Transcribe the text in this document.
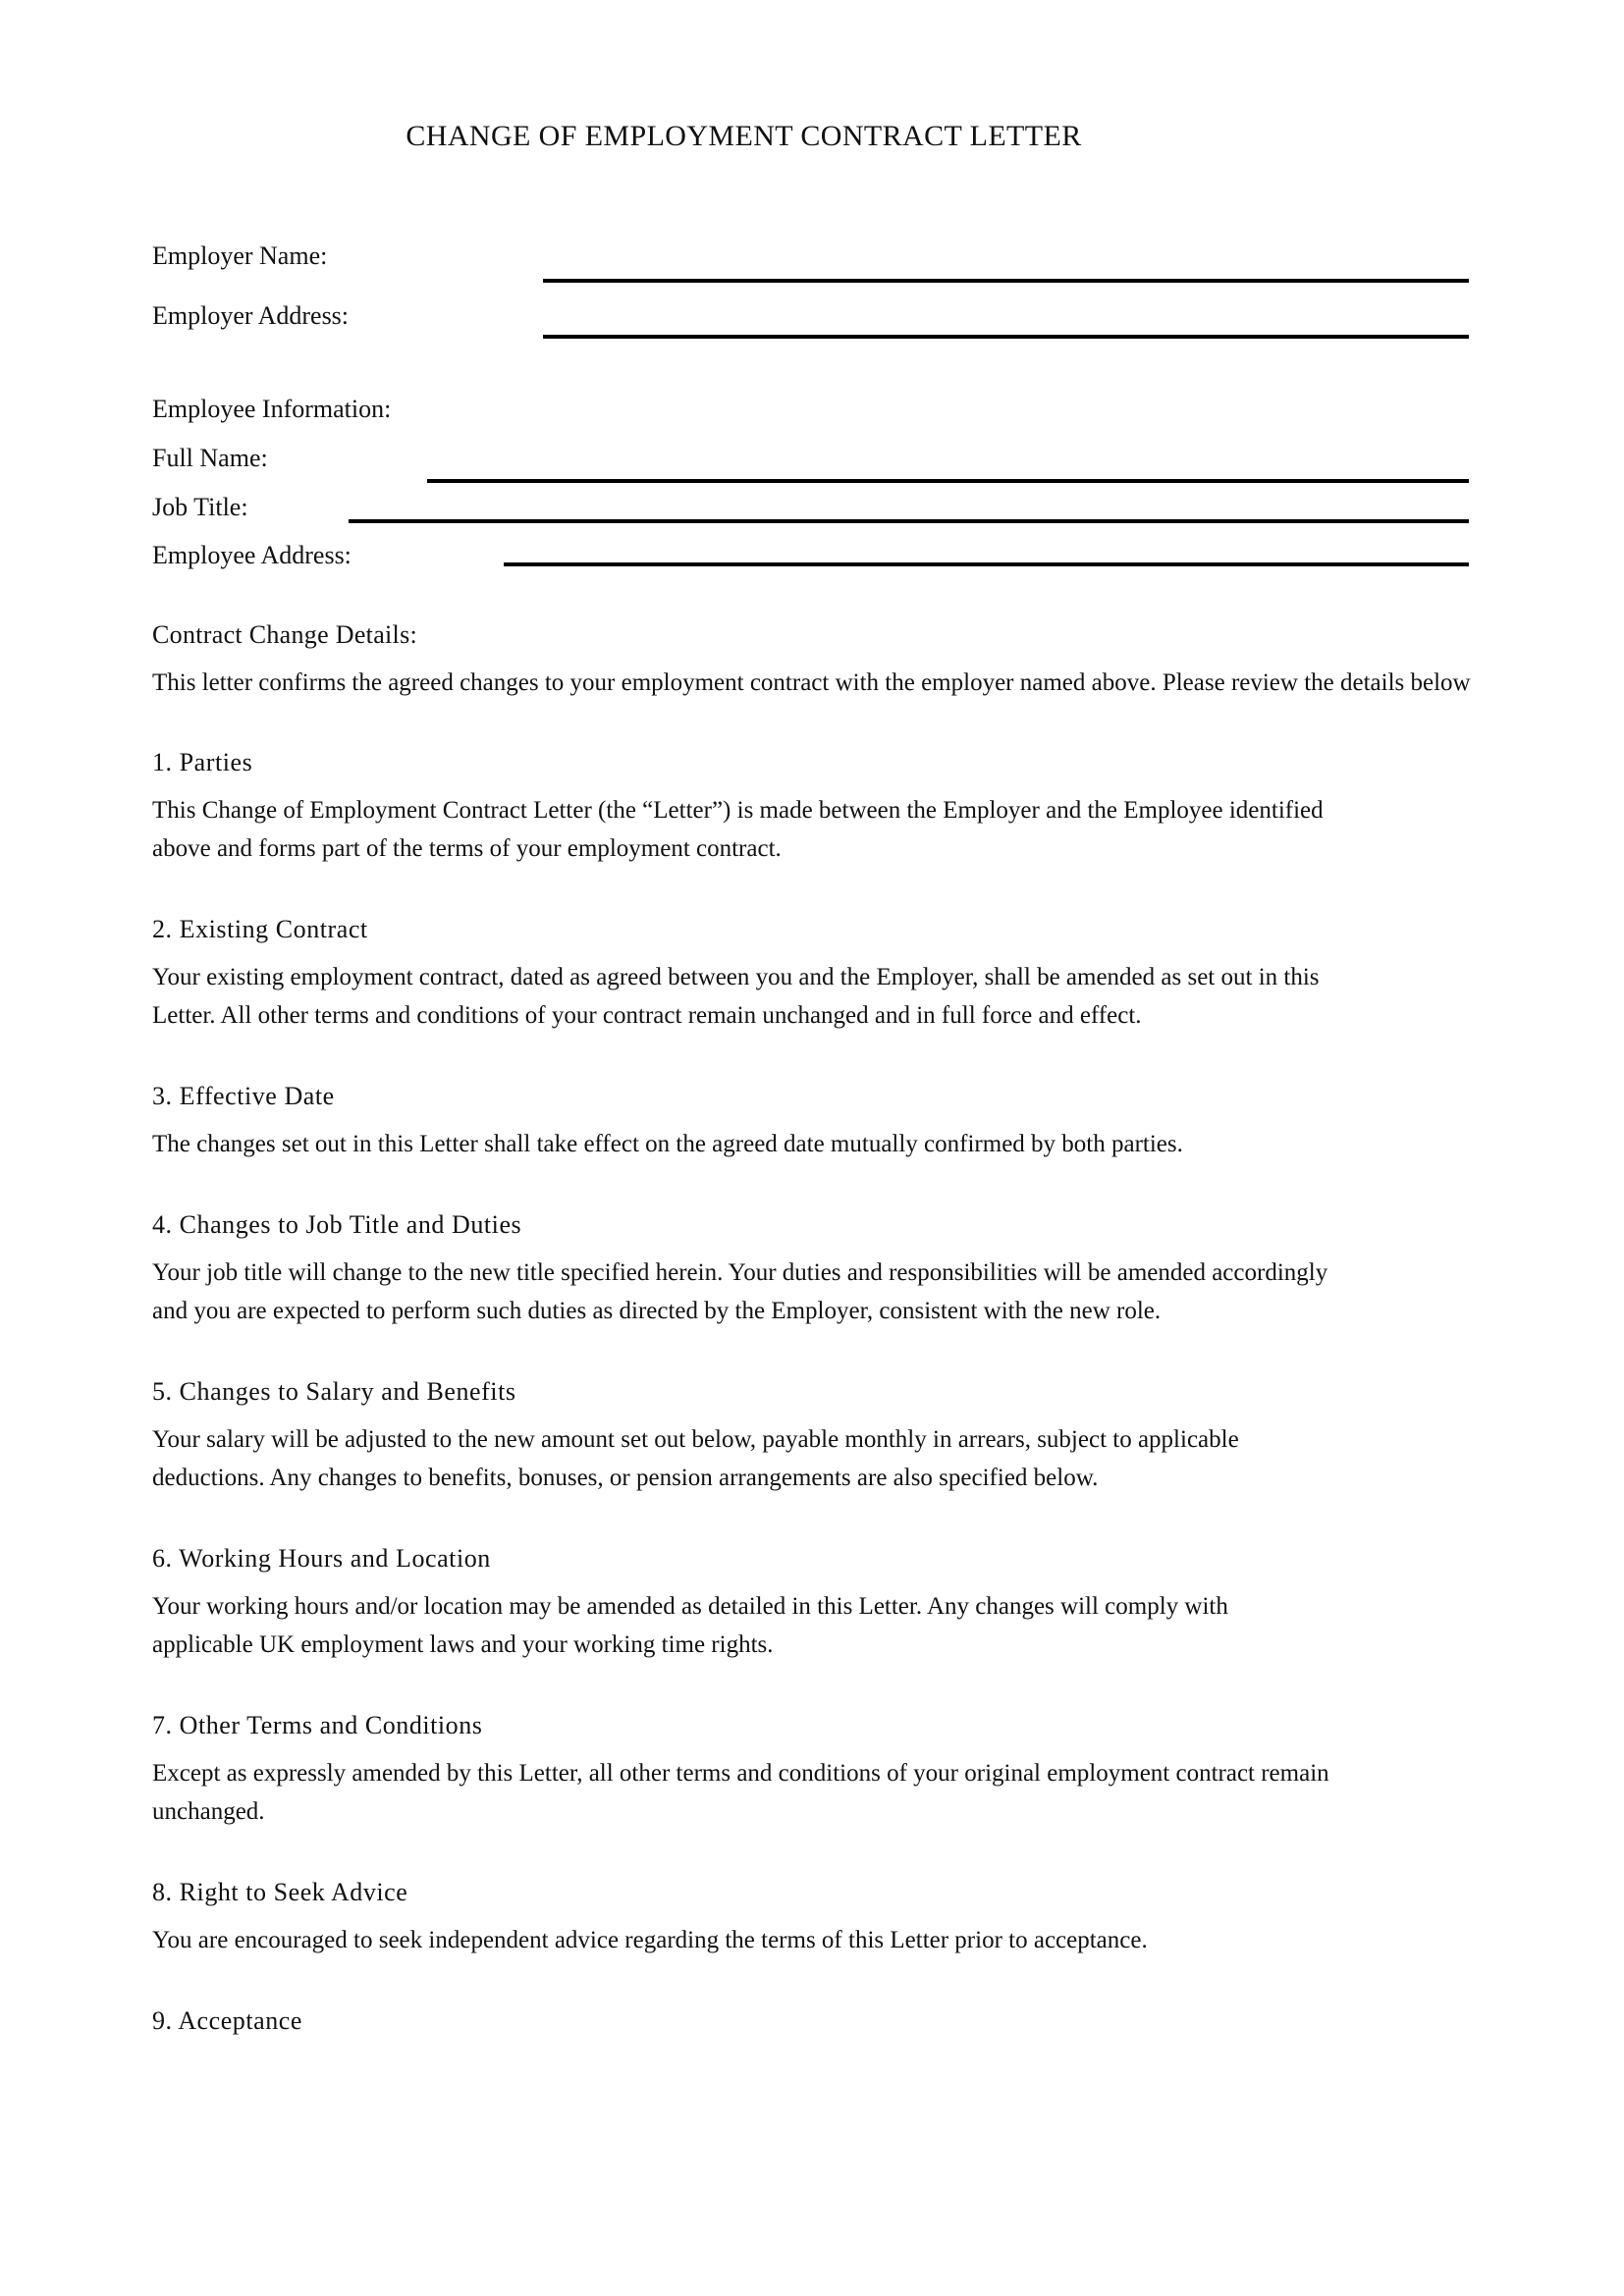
CHANGE OF EMPLOYMENT CONTRACT LETTER
Employer Name:
Employer Address:
Employee Information:
Full Name:
Job Title:
Employee Address:
Contract Change Details:
This letter confirms the agreed changes to your employment contract with the employer named above. Please review the details below
1. Parties
This Change of Employment Contract Letter (the “Letter”) is made between the Employer and the Employee identified
above and forms part of the terms of your employment contract.
2. Existing Contract
Your existing employment contract, dated as agreed between you and the Employer, shall be amended as set out in this
Letter. All other terms and conditions of your contract remain unchanged and in full force and effect.
3. Effective Date
The changes set out in this Letter shall take effect on the agreed date mutually confirmed by both parties.
4. Changes to Job Title and Duties
Your job title will change to the new title specified herein. Your duties and responsibilities will be amended accordingly
and you are expected to perform such duties as directed by the Employer, consistent with the new role.
5. Changes to Salary and Benefits
Your salary will be adjusted to the new amount set out below, payable monthly in arrears, subject to applicable
deductions. Any changes to benefits, bonuses, or pension arrangements are also specified below.
6. Working Hours and Location
Your working hours and/or location may be amended as detailed in this Letter. Any changes will comply with
applicable UK employment laws and your working time rights.
7. Other Terms and Conditions
Except as expressly amended by this Letter, all other terms and conditions of your original employment contract remain
unchanged.
8. Right to Seek Advice
You are encouraged to seek independent advice regarding the terms of this Letter prior to acceptance.
9. Acceptance
